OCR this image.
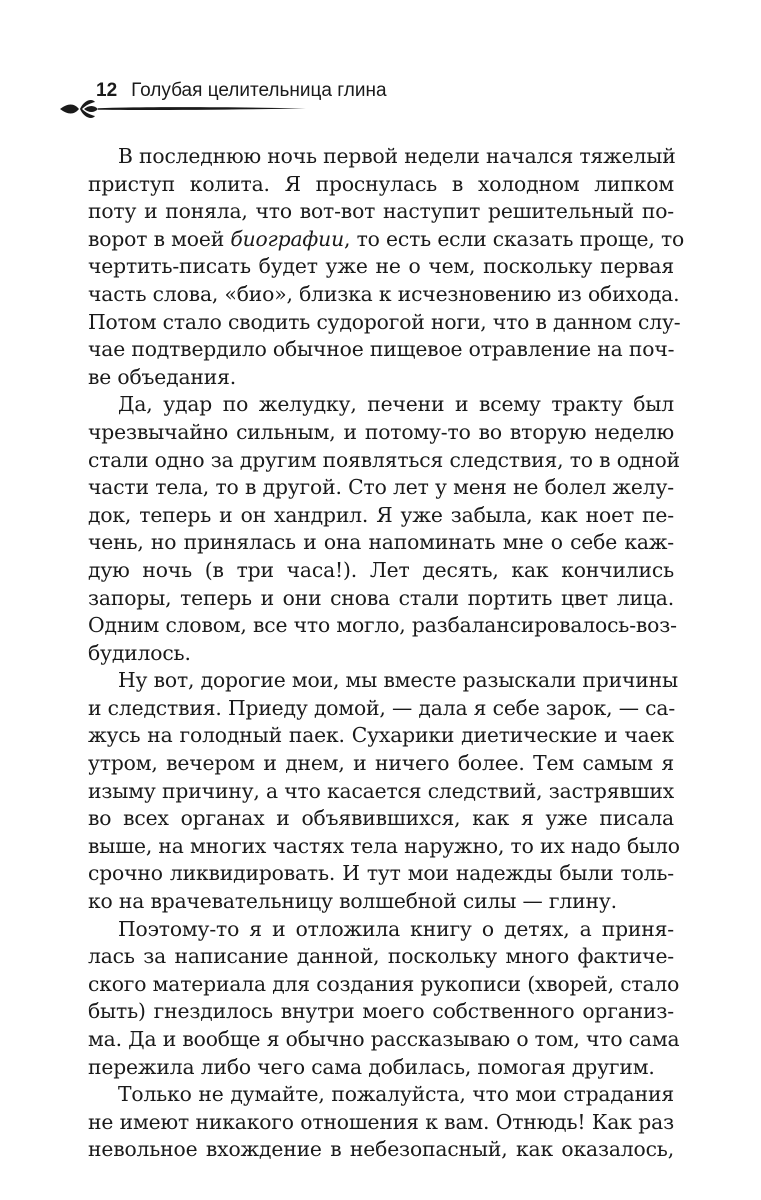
12 Голубая целительница глина
В последнюю ночь первой недели начался тяжелый
приступ колита. Я проснулась в холодном липком
поту и поняла, что вот-вот наступит решительный по-
ворот в моей биографии, то есть если сказать проще, то
чертить-писать будет уже не о чем, поскольку первая
часть слова, «био», близка к исчезновению из обихода.
Потом стало сводить судорогой ноги, что в данном слу-
чае подтвердило обычное пищевое отравление на поч-
ве объедания.
Да, удар по желудку, печени и всему тракту был
чрезвычайно сильным, и потому-то во вторую неделю
стали одно за другим появляться следствия, то в одной
части тела, то в другой. Сто лет у меня не болел желу-
док, теперь и он хандрил. Я уже забыла, как ноет пе-
чень, но принялась и она напоминать мне о себе каж-
дую ночь (в три часа!). Лет десять, как кончились
запоры, теперь и они снова стали портить цвет лица.
Одним словом, все что могло, разбалансировалось-воз-
будилось.
Ну вот, дорогие мои, мы вместе разыскали причины
и следствия. Приеду домой, — дала я себе зарок, — са-
жусь на голодный паек. Сухарики диетические и чаек
утром, вечером и днем, и ничего более. Тем самым я
изыму причину, а что касается следствий, застрявших
во всех органах и объявившихся, как я уже писала
выше, на многих частях тела наружно, то их надо было
срочно ликвидировать. И тут мои надежды были толь-
ко на врачевательницу волшебной силы — глину.
Поэтому-то я и отложила книгу о детях, а приня-
лась за написание данной, поскольку много фактиче-
ского материала для создания рукописи (хворей, стало
быть) гнездилось внутри моего собственного организ-
ма. Да и вообще я обычно рассказываю о том, что сама
пережила либо чего сама добилась, помогая другим.
Только не думайте, пожалуйста, что мои страдания
не имеют никакого отношения к вам. Отнюдь! Как раз
невольное вхождение в небезопасный, как оказалось,
